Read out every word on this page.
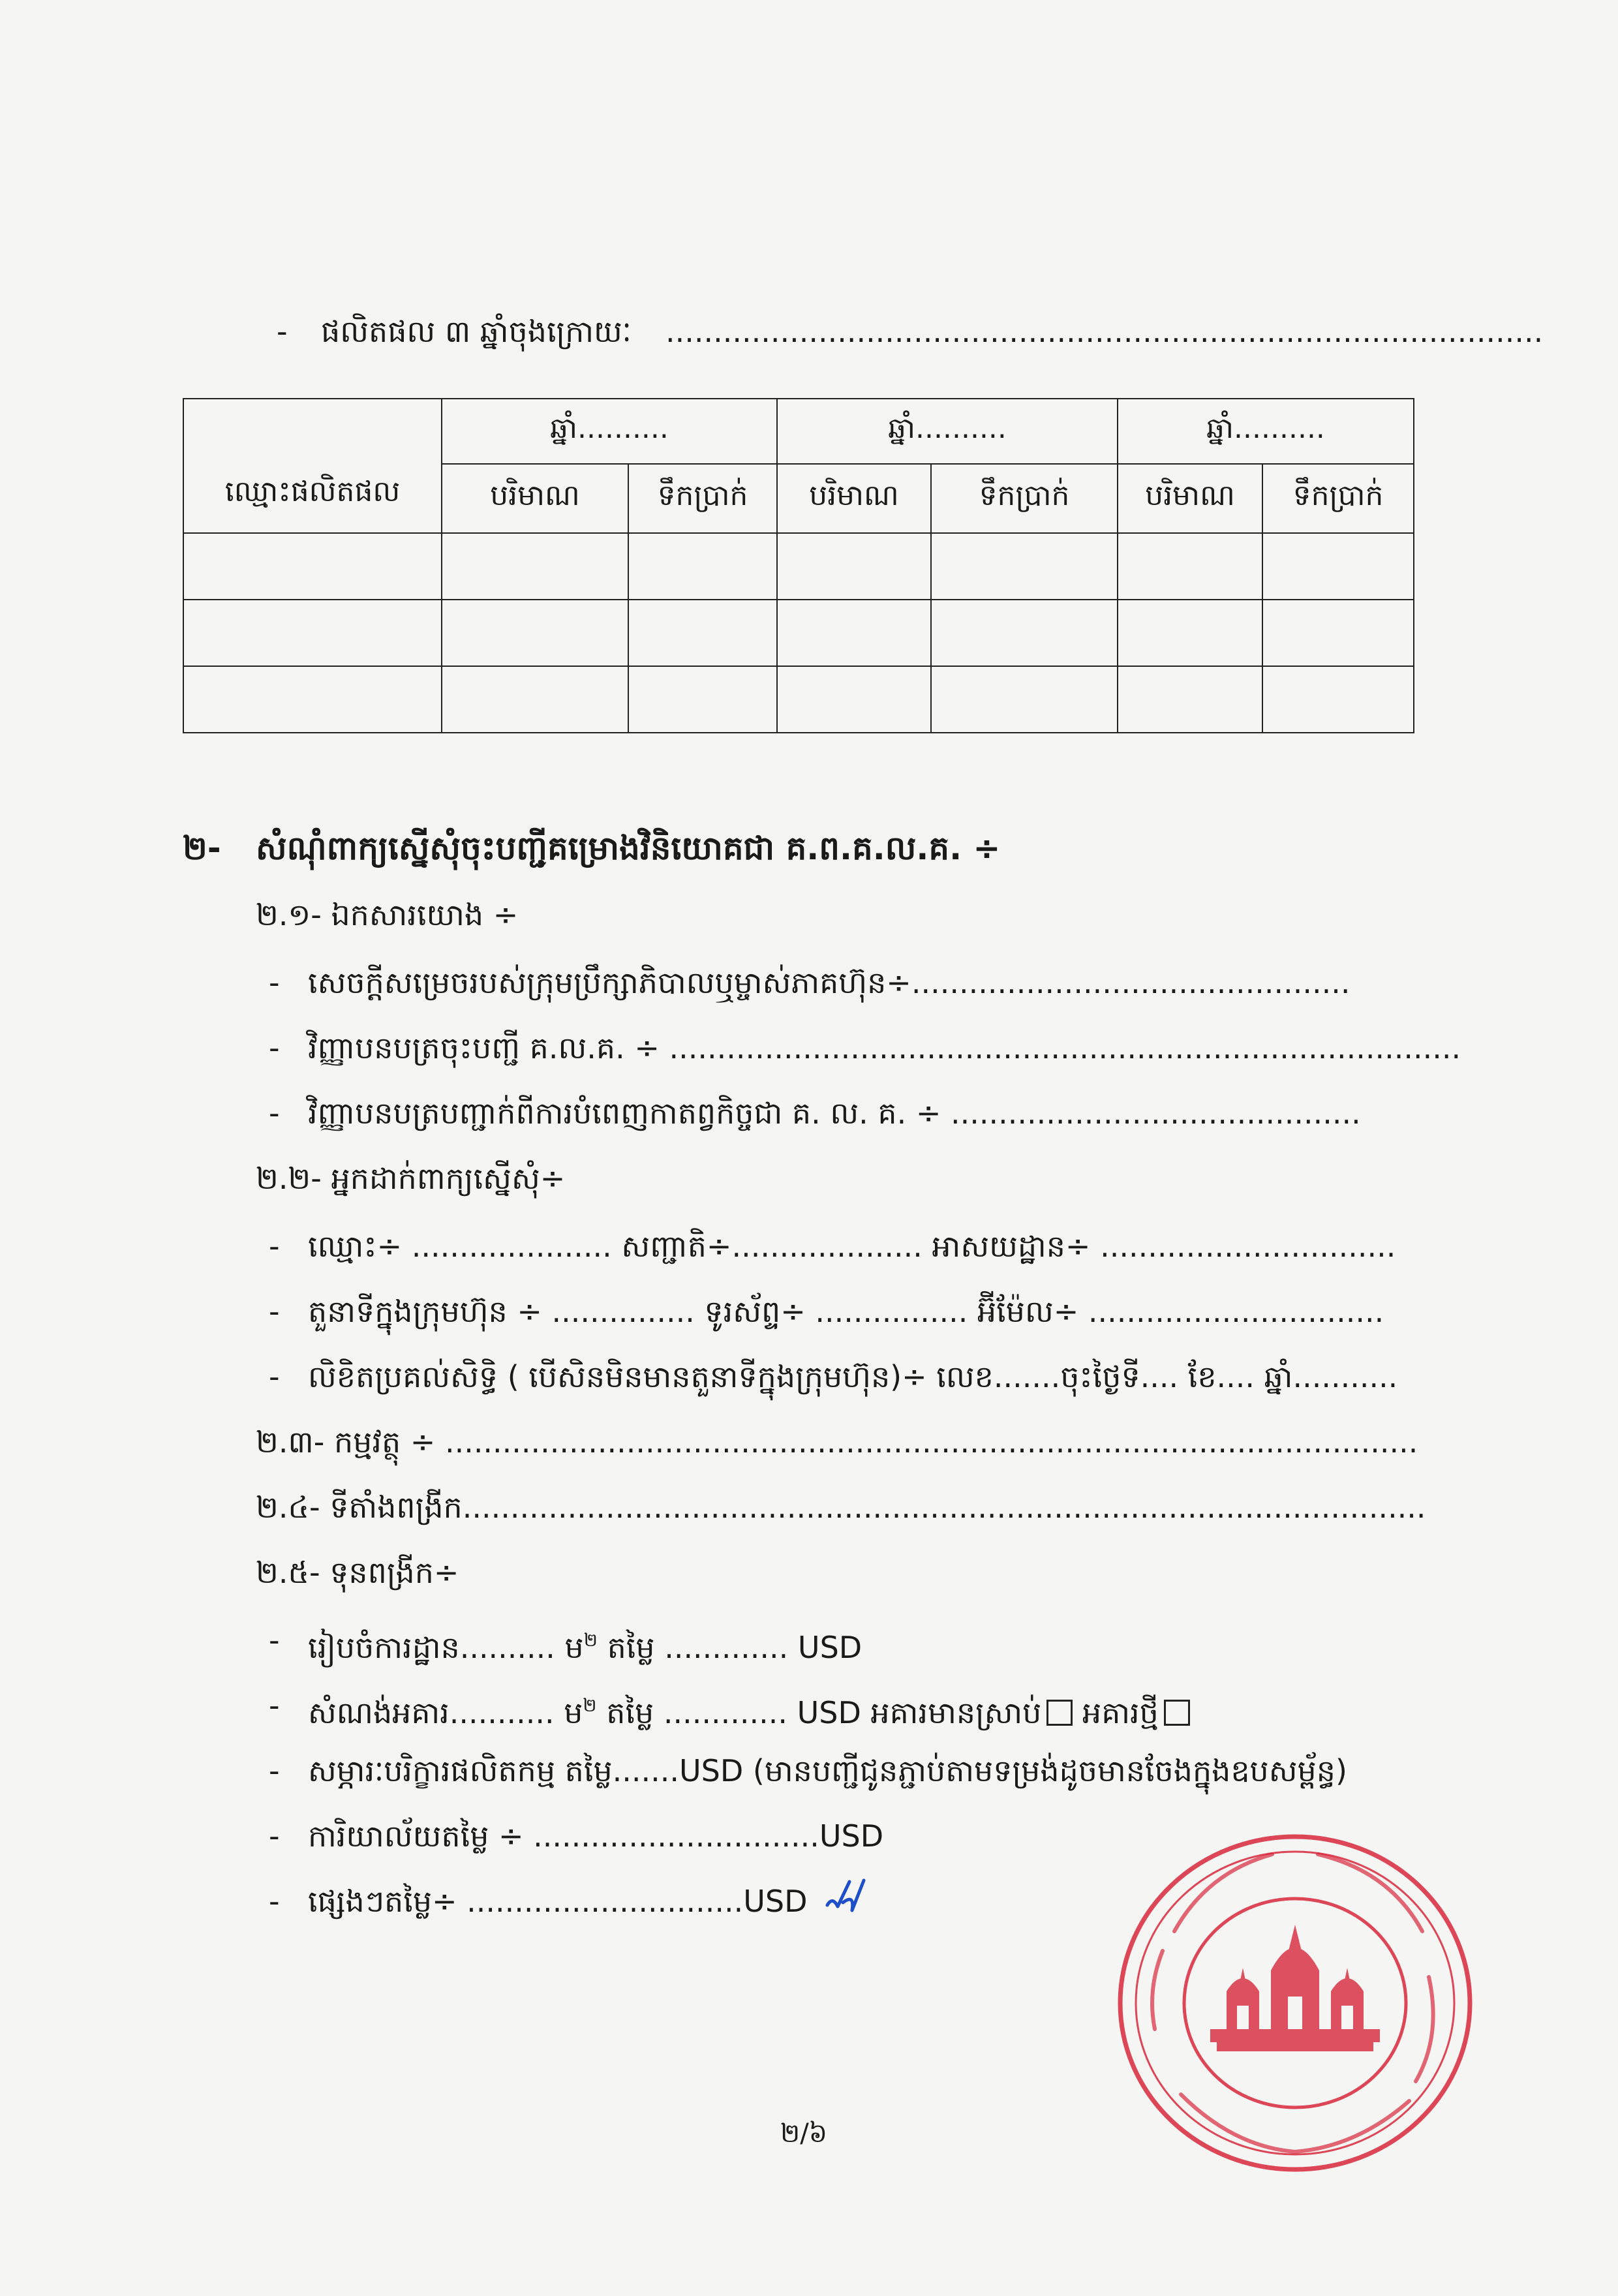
- ផលិតផល ៣ ឆ្នាំចុងក្រោយៈ ............................................................................................
ឈ្មោះផលិតផល	ឆ្នាំ..........		ឆ្នាំ..........		ឆ្នាំ..........	
	បរិមាណ	ទឹកប្រាក់	បរិមាណ	ទឹកប្រាក់	បរិមាណ	ទឹកប្រាក់

២- សំណុំពាក្យស្នើសុំចុះបញ្ជីគម្រោងវិនិយោគជា គ.ព.គ.ល.គ. ÷
២.១- ឯកសារយោង ÷
- សេចក្តីសម្រេចរបស់ក្រុមប្រឹក្សាភិបាលឬម្ចាស់ភាគហ៊ុន÷..............................................
- វិញ្ញាបនបត្រចុះបញ្ជី គ.ល.គ. ÷ ...................................................................................
- វិញ្ញាបនបត្របញ្ជាក់ពីការបំពេញកាតព្វកិច្ចជា គ. ល. គ. ÷ ...........................................
២.២- អ្នកដាក់ពាក្យស្នើសុំ÷
- ឈ្មោះ÷ ..................... សញ្ជាតិ÷.................... អាសយដ្ឋាន÷ ...............................
- តួនាទីក្នុងក្រុមហ៊ុន ÷ ............... ទូរស័ព្ទ÷ ................ អ៊ីម៉ែល÷ ...............................
- លិខិតប្រគល់សិទ្ធិ ( បើសិនមិនមានតួនាទីក្នុងក្រុមហ៊ុន)÷ លេខ.......ចុះថ្ងៃទី.... ខែ.... ឆ្នាំ...........
២.៣- កម្មវត្ថុ ÷ ......................................................................................................
២.៤- ទីតាំងពង្រីក.....................................................................................................
២.៥- ទុនពង្រីក÷
- រៀបចំការដ្ឋាន.......... ម$^២$ តម្លៃ ............. USD
- សំណង់អគារ........... ម$^២$ តម្លៃ ............. USD អគារមានស្រាប់ អគារថ្មី
- សម្ភារៈបរិក្ខារផលិតកម្ម តម្លៃ.......USD (មានបញ្ជីជូនភ្ជាប់តាមទម្រង់ដូចមានចែងក្នុងឧបសម្ព័ន្ធ)
- ការិយាល័យតម្លៃ ÷ ..............................USD
- ផ្សេងៗតម្លៃ÷ .............................USD
២/៦
